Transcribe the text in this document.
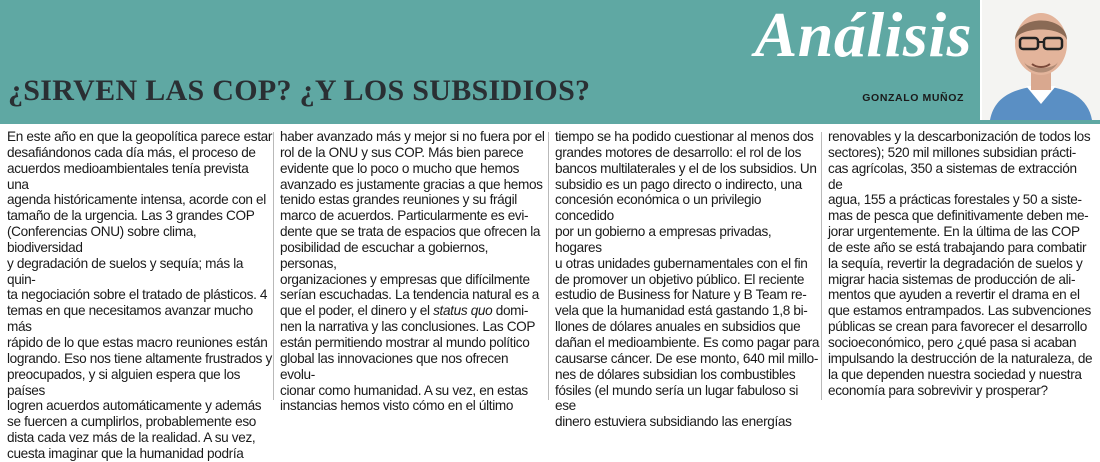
Análisis
¿SIRVEN LAS COP? ¿Y LOS SUBSIDIOS?	GONZALO MUÑOZ

En este año en que la geopolítica parece estar
desafiándonos cada día más, el proceso de
acuerdos medioambientales tenía prevista una
agenda históricamente intensa, acorde con el
tamaño de la urgencia. Las 3 grandes COP
(Conferencias ONU) sobre clima, biodiversidad
y degradación de suelos y sequía; más la quin-
ta negociación sobre el tratado de plásticos. 4
temas en que necesitamos avanzar mucho más
rápido de lo que estas macro reuniones están
logrando. Eso nos tiene altamente frustrados y
preocupados, y si alguien espera que los países
logren acuerdos automáticamente y además
se fuercen a cumplirlos, probablemente eso
dista cada vez más de la realidad. A su vez,
cuesta imaginar que la humanidad podría

haber avanzado más y mejor si no fuera por el
rol de la ONU y sus COP. Más bien parece
evidente que lo poco o mucho que hemos
avanzado es justamente gracias a que hemos
tenido estas grandes reuniones y su frágil
marco de acuerdos. Particularmente es evi-
dente que se trata de espacios que ofrecen la
posibilidad de escuchar a gobiernos, personas,
organizaciones y empresas que difícilmente
serían escuchadas. La tendencia natural es a
que el poder, el dinero y el status quo domi-
nen la narrativa y las conclusiones. Las COP
están permitiendo mostrar al mundo político
global las innovaciones que nos ofrecen evolu-
cionar como humanidad. A su vez, en estas
instancias hemos visto cómo en el último

tiempo se ha podido cuestionar al menos dos
grandes motores de desarrollo: el rol de los
bancos multilaterales y el de los subsidios. Un
subsidio es un pago directo o indirecto, una
concesión económica o un privilegio concedido
por un gobierno a empresas privadas, hogares
u otras unidades gubernamentales con el fin
de promover un objetivo público. El reciente
estudio de Business for Nature y B Team re-
vela que la humanidad está gastando 1,8 bi-
llones de dólares anuales en subsidios que
dañan el medioambiente. Es como pagar para
causarse cáncer. De ese monto, 640 mil millo-
nes de dólares subsidian los combustibles
fósiles (el mundo sería un lugar fabuloso si ese
dinero estuviera subsidiando las energías

renovables y la descarbonización de todos los
sectores); 520 mil millones subsidian prácti-
cas agrícolas, 350 a sistemas de extracción de
agua, 155 a prácticas forestales y 50 a siste-
mas de pesca que definitivamente deben me-
jorar urgentemente. En la última de las COP
de este año se está trabajando para combatir
la sequía, revertir la degradación de suelos y
migrar hacia sistemas de producción de ali-
mentos que ayuden a revertir el drama en el
que estamos entrampados. Las subvenciones
públicas se crean para favorecer el desarrollo
socioeconómico, pero ¿qué pasa si acaban
impulsando la destrucción de la naturaleza, de
la que dependen nuestra sociedad y nuestra
economía para sobrevivir y prosperar?
